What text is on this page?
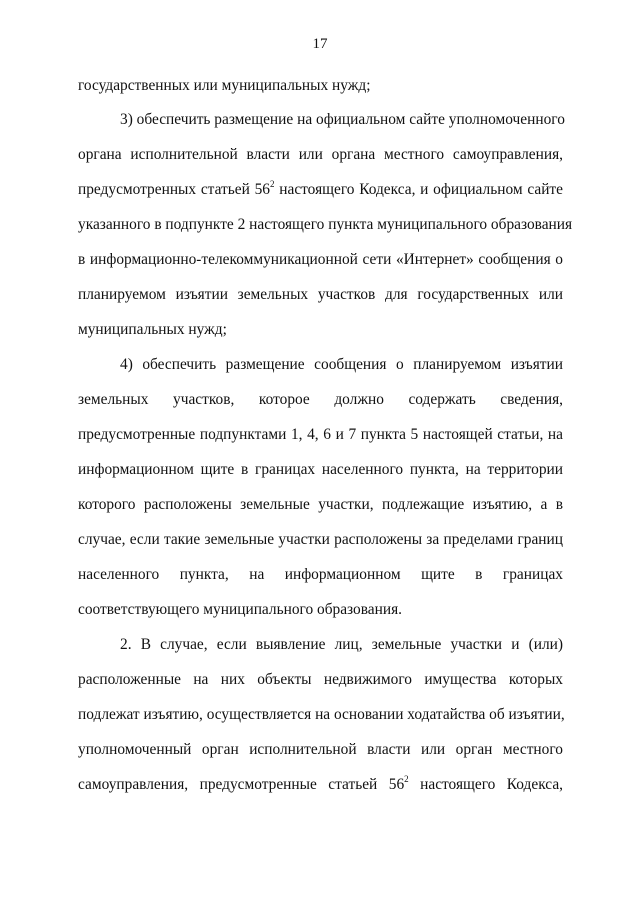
17
государственных или муниципальных нужд;
3) обеспечить размещение на официальном сайте уполномоченного
органа исполнительной власти или органа местного самоуправления,
предусмотренных статьей $56^2$ настоящего Кодекса, и официальном сайте
указанного в подпункте 2 настоящего пункта муниципального образования
в информационно-телекоммуникационной сети «Интернет» сообщения о
планируемом изъятии земельных участков для государственных или
муниципальных нужд;
4) обеспечить размещение сообщения о планируемом изъятии
земельных участков, которое должно содержать сведения,
предусмотренные подпунктами 1, 4, 6 и 7 пункта 5 настоящей статьи, на
информационном щите в границах населенного пункта, на территории
которого расположены земельные участки, подлежащие изъятию, а в
случае, если такие земельные участки расположены за пределами границ
населенного пункта, на информационном щите в границах
соответствующего муниципального образования.
2. В случае, если выявление лиц, земельные участки и (или)
расположенные на них объекты недвижимого имущества которых
подлежат изъятию, осуществляется на основании ходатайства об изъятии,
уполномоченный орган исполнительной власти или орган местного
самоуправления, предусмотренные статьей $56^2$ настоящего Кодекса,
